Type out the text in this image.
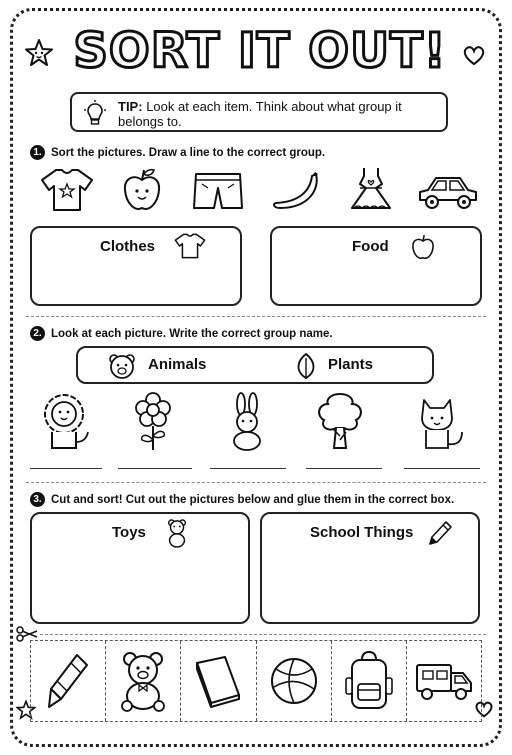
SORT IT OUT!
TIP: Look at each item. Think about what group it belongs to.
1. Sort the pictures. Draw a line to the correct group.
Clothes	Food
2. Look at each picture. Write the correct group name.
Animals	Plants
3. Cut and sort! Cut out the pictures below and glue them in the correct box.
Toys	School Things
